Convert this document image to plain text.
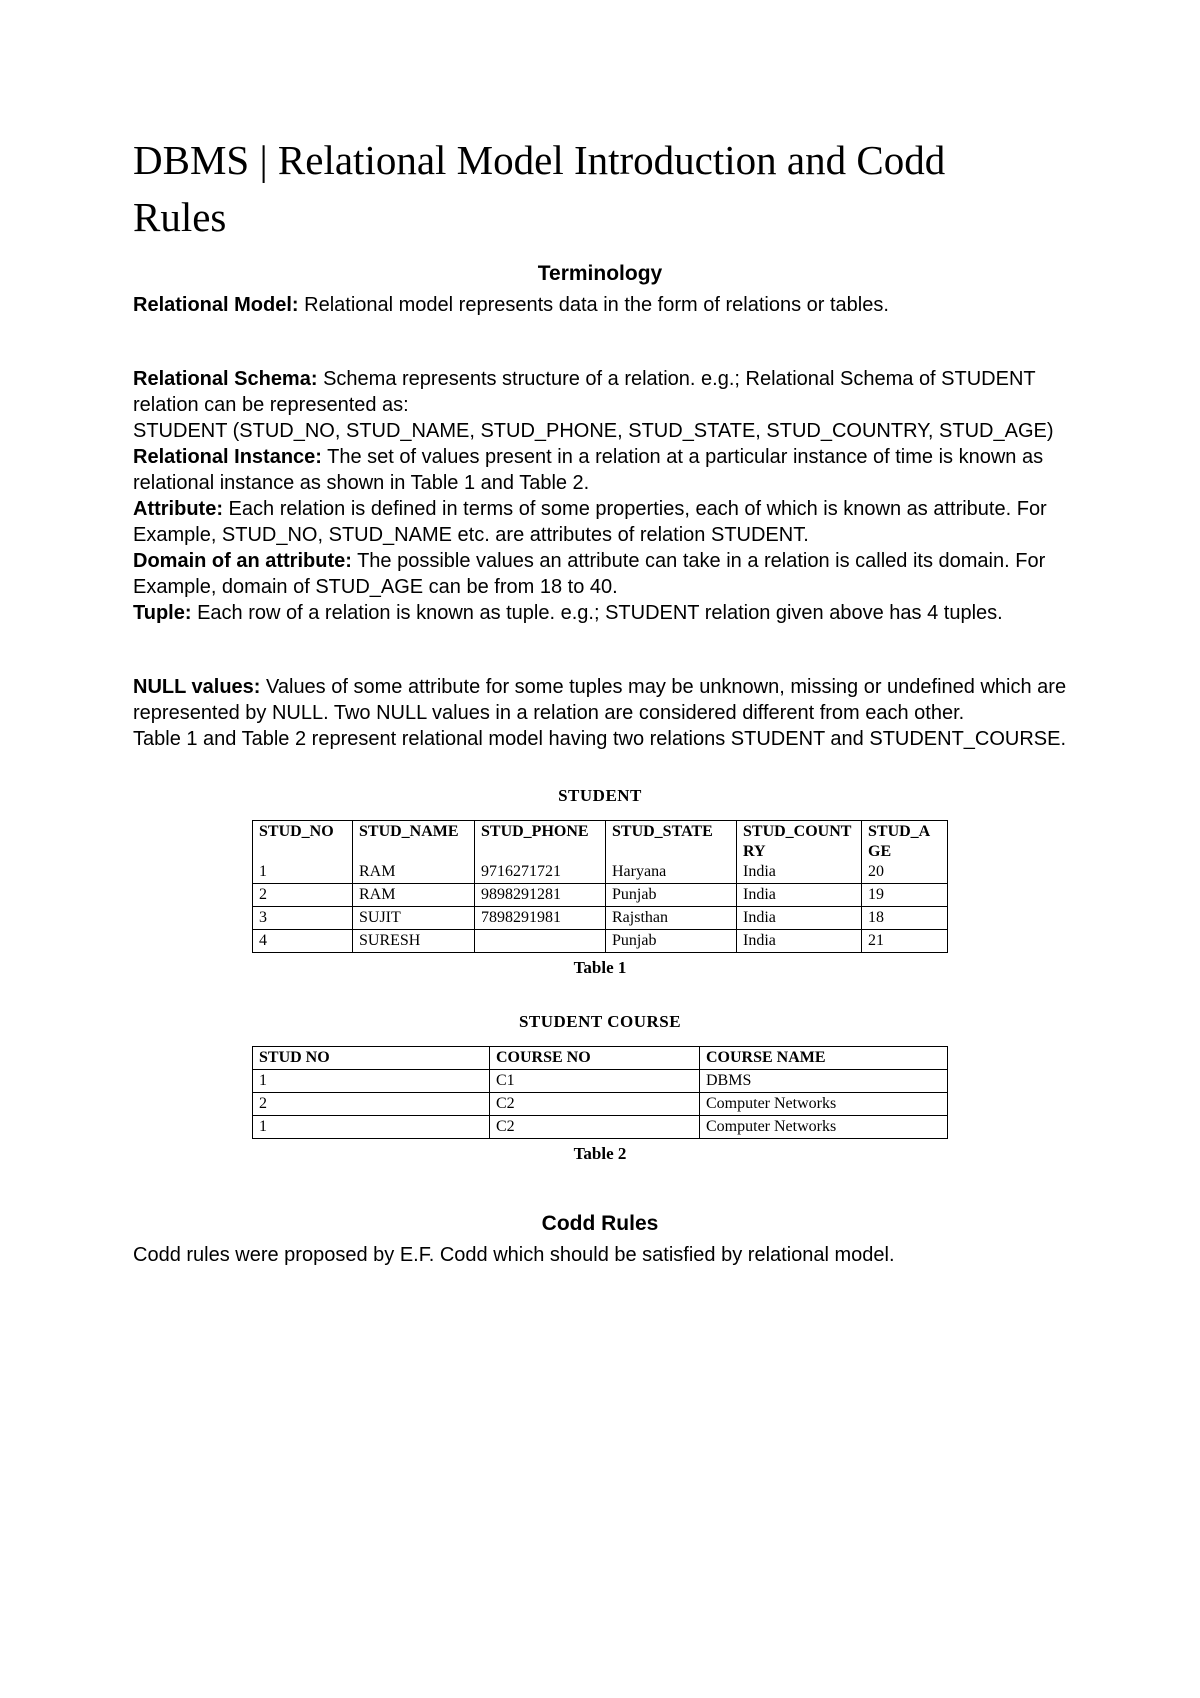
DBMS | Relational Model Introduction and Codd Rules
Terminology

Relational Model: Relational model represents data in the form of relations or tables.

Relational Schema: Schema represents structure of a relation. e.g.; Relational Schema of STUDENT relation can be represented as:

STUDENT (STUD_NO, STUD_NAME, STUD_PHONE, STUD_STATE, STUD_COUNTRY, STUD_AGE)

Relational Instance: The set of values present in a relation at a particular instance of time is known as relational instance as shown in Table 1 and Table 2.

Attribute: Each relation is defined in terms of some properties, each of which is known as attribute. For Example, STUD_NO, STUD_NAME etc. are attributes of relation STUDENT.

Domain of an attribute: The possible values an attribute can take in a relation is called its domain. For Example, domain of STUD_AGE can be from 18 to 40.

Tuple: Each row of a relation is known as tuple. e.g.; STUDENT relation given above has 4 tuples.

NULL values: Values of some attribute for some tuples may be unknown, missing or undefined which are represented by NULL. Two NULL values in a relation are considered different from each other.

Table 1 and Table 2 represent relational model having two relations STUDENT and STUDENT_COURSE.

STUDENT
STUD_NO	STUD_NAME	STUD_PHONE	STUD_STATE	STUD_COUNTRY	STUD_AGE
1	RAM	9716271721	Haryana	India	20
2	RAM	9898291281	Punjab	India	19
3	SUJIT	7898291981	Rajsthan	India	18
4	SURESH		Punjab	India	21
Table 1
STUDENT COURSE
STUD NO	COURSE NO	COURSE NAME
1	C1	DBMS
2	C2	Computer Networks
1	C2	Computer Networks
Table 2
Codd Rules

Codd rules were proposed by E.F. Codd which should be satisfied by relational model.
